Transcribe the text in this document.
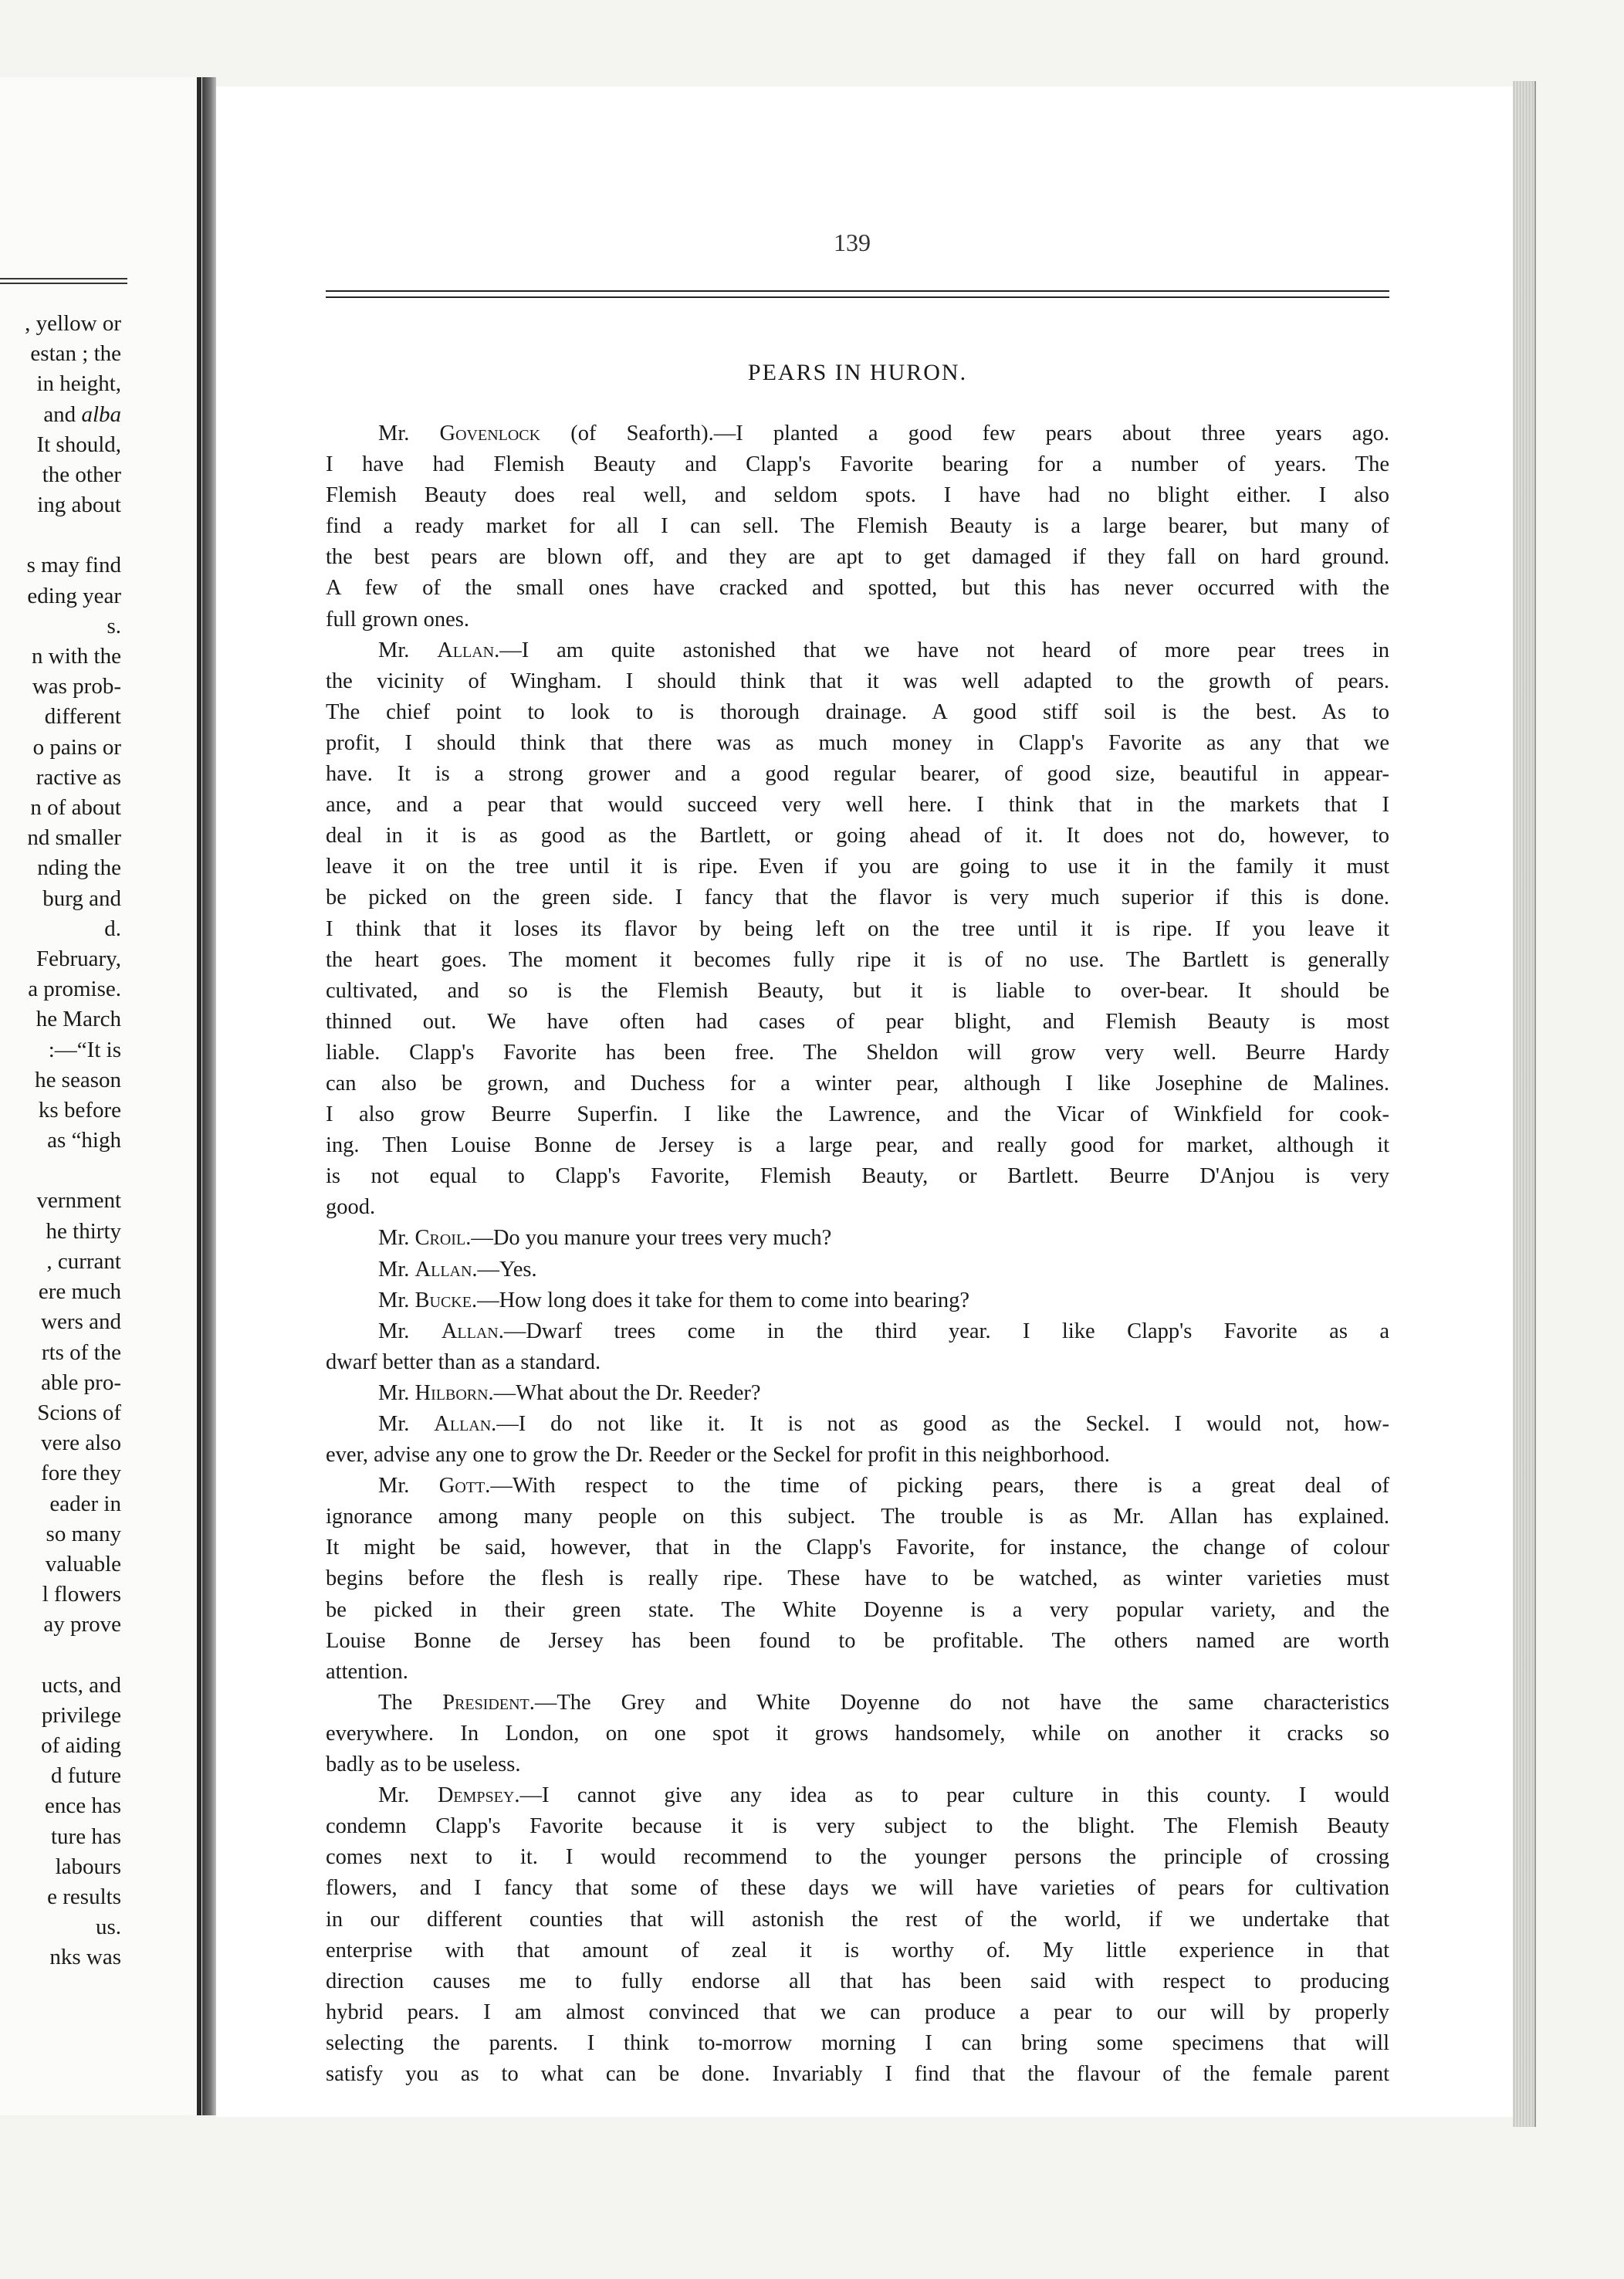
, yellow or
estan ; the
in height,
and alba
It should,
the other
ing about

s may find
eding year
s.
n with the
was prob-
different
o pains or
ractive as
n of about
nd smaller
nding the
burg and
d.
February,
a promise.
he March
:—“It is
he season
ks before
as “high

vernment
he thirty
, currant
ere much
wers and
rts of the
able pro-
Scions of
vere also
fore they
eader in
so many
valuable
l flowers
ay prove

ucts, and
privilege
of aiding
d future
ence has
ture has
labours
e results
us.
nks was
139
PEARS IN HURON.
Mr. Govenlock (of Seaforth).—I planted a good few pears about three years ago.
I have had Flemish Beauty and Clapp's Favorite bearing for a number of years. The
Flemish Beauty does real well, and seldom spots. I have had no blight either. I also
find a ready market for all I can sell. The Flemish Beauty is a large bearer, but many of
the best pears are blown off, and they are apt to get damaged if they fall on hard ground.
A few of the small ones have cracked and spotted, but this has never occurred with the
full grown ones.
Mr. Allan.—I am quite astonished that we have not heard of more pear trees in
the vicinity of Wingham. I should think that it was well adapted to the growth of pears.
The chief point to look to is thorough drainage. A good stiff soil is the best. As to
profit, I should think that there was as much money in Clapp's Favorite as any that we
have. It is a strong grower and a good regular bearer, of good size, beautiful in appear-
ance, and a pear that would succeed very well here. I think that in the markets that I
deal in it is as good as the Bartlett, or going ahead of it. It does not do, however, to
leave it on the tree until it is ripe. Even if you are going to use it in the family it must
be picked on the green side. I fancy that the flavor is very much superior if this is done.
I think that it loses its flavor by being left on the tree until it is ripe. If you leave it
the heart goes. The moment it becomes fully ripe it is of no use. The Bartlett is generally
cultivated, and so is the Flemish Beauty, but it is liable to over-bear. It should be
thinned out. We have often had cases of pear blight, and Flemish Beauty is most
liable. Clapp's Favorite has been free. The Sheldon will grow very well. Beurre Hardy
can also be grown, and Duchess for a winter pear, although I like Josephine de Malines.
I also grow Beurre Superfin. I like the Lawrence, and the Vicar of Winkfield for cook-
ing. Then Louise Bonne de Jersey is a large pear, and really good for market, although it
is not equal to Clapp's Favorite, Flemish Beauty, or Bartlett. Beurre D'Anjou is very
good.
Mr. Croil.—Do you manure your trees very much?
Mr. Allan.—Yes.
Mr. Bucke.—How long does it take for them to come into bearing?
Mr. Allan.—Dwarf trees come in the third year. I like Clapp's Favorite as a
dwarf better than as a standard.
Mr. Hilborn.—What about the Dr. Reeder?
Mr. Allan.—I do not like it. It is not as good as the Seckel. I would not, how-
ever, advise any one to grow the Dr. Reeder or the Seckel for profit in this neighborhood.
Mr. Gott.—With respect to the time of picking pears, there is a great deal of
ignorance among many people on this subject. The trouble is as Mr. Allan has explained.
It might be said, however, that in the Clapp's Favorite, for instance, the change of colour
begins before the flesh is really ripe. These have to be watched, as winter varieties must
be picked in their green state. The White Doyenne is a very popular variety, and the
Louise Bonne de Jersey has been found to be profitable. The others named are worth
attention.
The President.—The Grey and White Doyenne do not have the same characteristics
everywhere. In London, on one spot it grows handsomely, while on another it cracks so
badly as to be useless.
Mr. Dempsey.—I cannot give any idea as to pear culture in this county. I would
condemn Clapp's Favorite because it is very subject to the blight. The Flemish Beauty
comes next to it. I would recommend to the younger persons the principle of crossing
flowers, and I fancy that some of these days we will have varieties of pears for cultivation
in our different counties that will astonish the rest of the world, if we undertake that
enterprise with that amount of zeal it is worthy of. My little experience in that
direction causes me to fully endorse all that has been said with respect to producing
hybrid pears. I am almost convinced that we can produce a pear to our will by properly
selecting the parents. I think to-morrow morning I can bring some specimens that will
satisfy you as to what can be done. Invariably I find that the flavour of the female parent
